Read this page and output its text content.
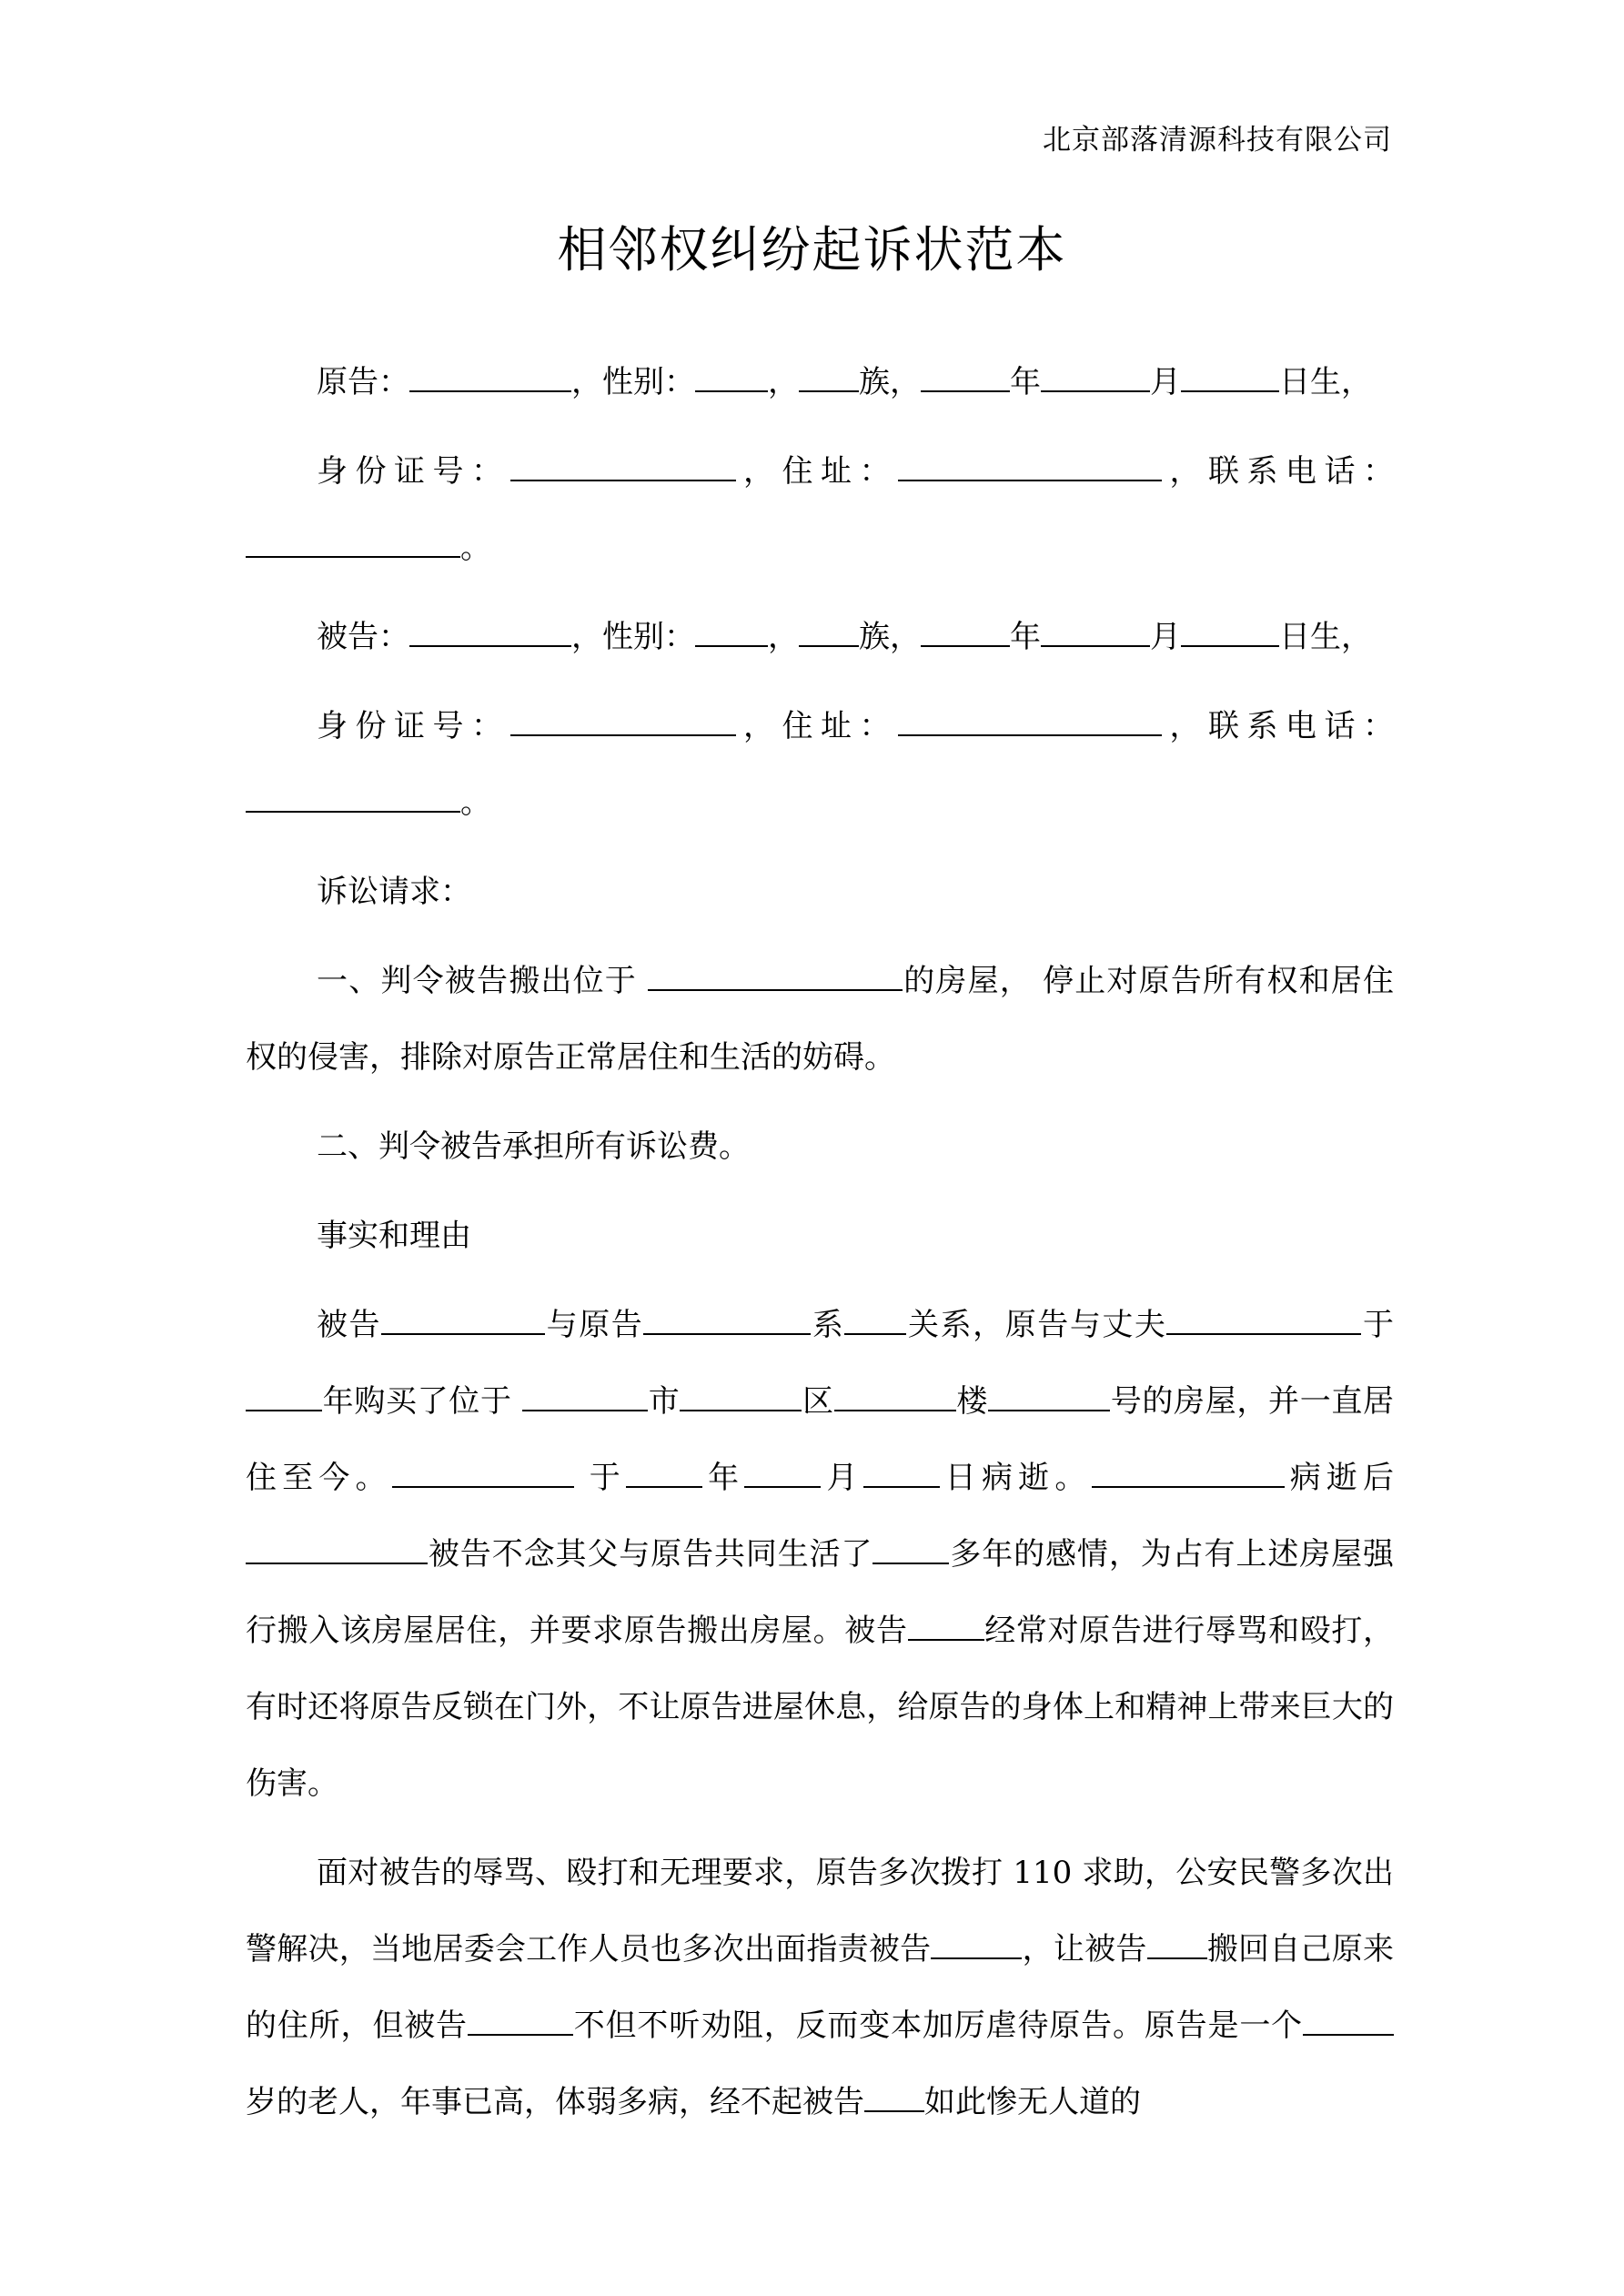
北京部落清源科技有限公司
相邻权纠纷起诉状范本

原告：	，性别： ， 族，	年	月	日生，

身份证号：	，住址：	，联系电话：。

被告：	，性别： ， 族，	年	月	日生，

身份证号：	，住址：	，联系电话：。

诉讼请求：

一、判令被告搬出位于	的房屋， 停止对原告所有权和居住权的侵害，排除对原告正常居住和生活的妨碍。

二、判令被告承担所有诉讼费。

事实和理由

被告	与原告	系 关系，原告与丈夫	于年购买了位于	市	区	楼	号的房屋，并一直居住至今。	于 年 月 日病逝。	病逝后被告不念其父与原告共同生活了 多年的感情，为占有上述房屋强行搬入该房屋居住，并要求原告搬出房屋。被告 经常对原告进行辱骂和殴打，有时还将原告反锁在门外，不让原告进屋休息，给原告的身体上和精神上带来巨大的伤害。

面对被告的辱骂、殴打和无理要求，原告多次拨打 110 求助，公安民警多次出警解决，当地居委会工作人员也多次出面指责被告	，让被告 搬回自己原来的住所，但被告	不但不听劝阻，反而变本加厉虐待原告。原告是一个岁的老人，年事已高，体弱多病，经不起被告 如此惨无人道的
